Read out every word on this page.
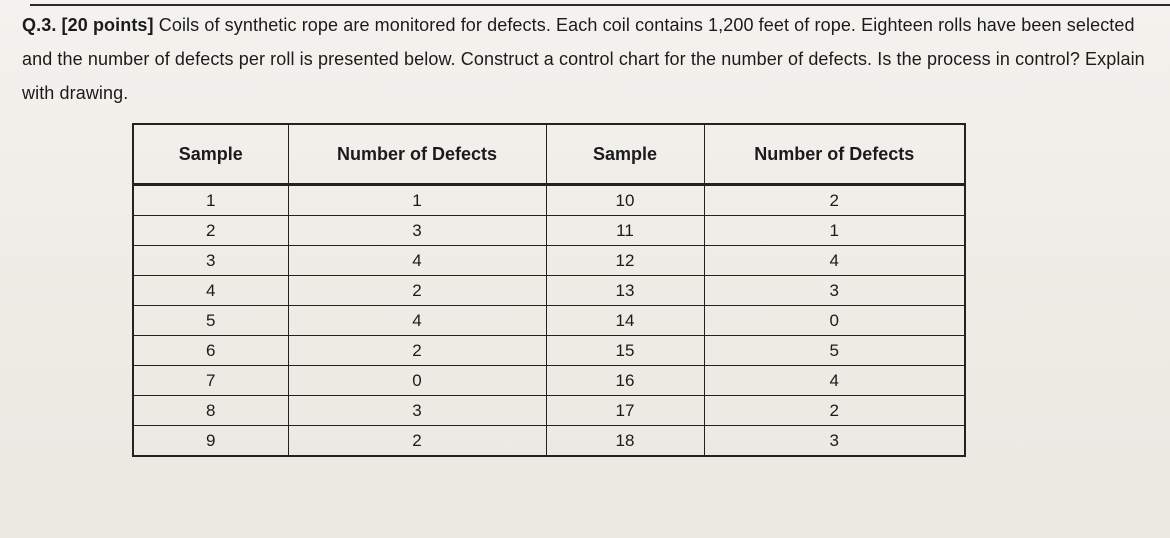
Q.3. [20 points] Coils of synthetic rope are monitored for defects. Each coil contains 1,200 feet of rope. Eighteen rolls have been selected and the number of defects per roll is presented below. Construct a control chart for the number of defects. Is the process in control? Explain with drawing.
Sample	Number of Defects	Sample	Number of Defects
1	1	10	2
2	3	11	1
3	4	12	4
4	2	13	3
5	4	14	0
6	2	15	5
7	0	16	4
8	3	17	2
9	2	18	3
